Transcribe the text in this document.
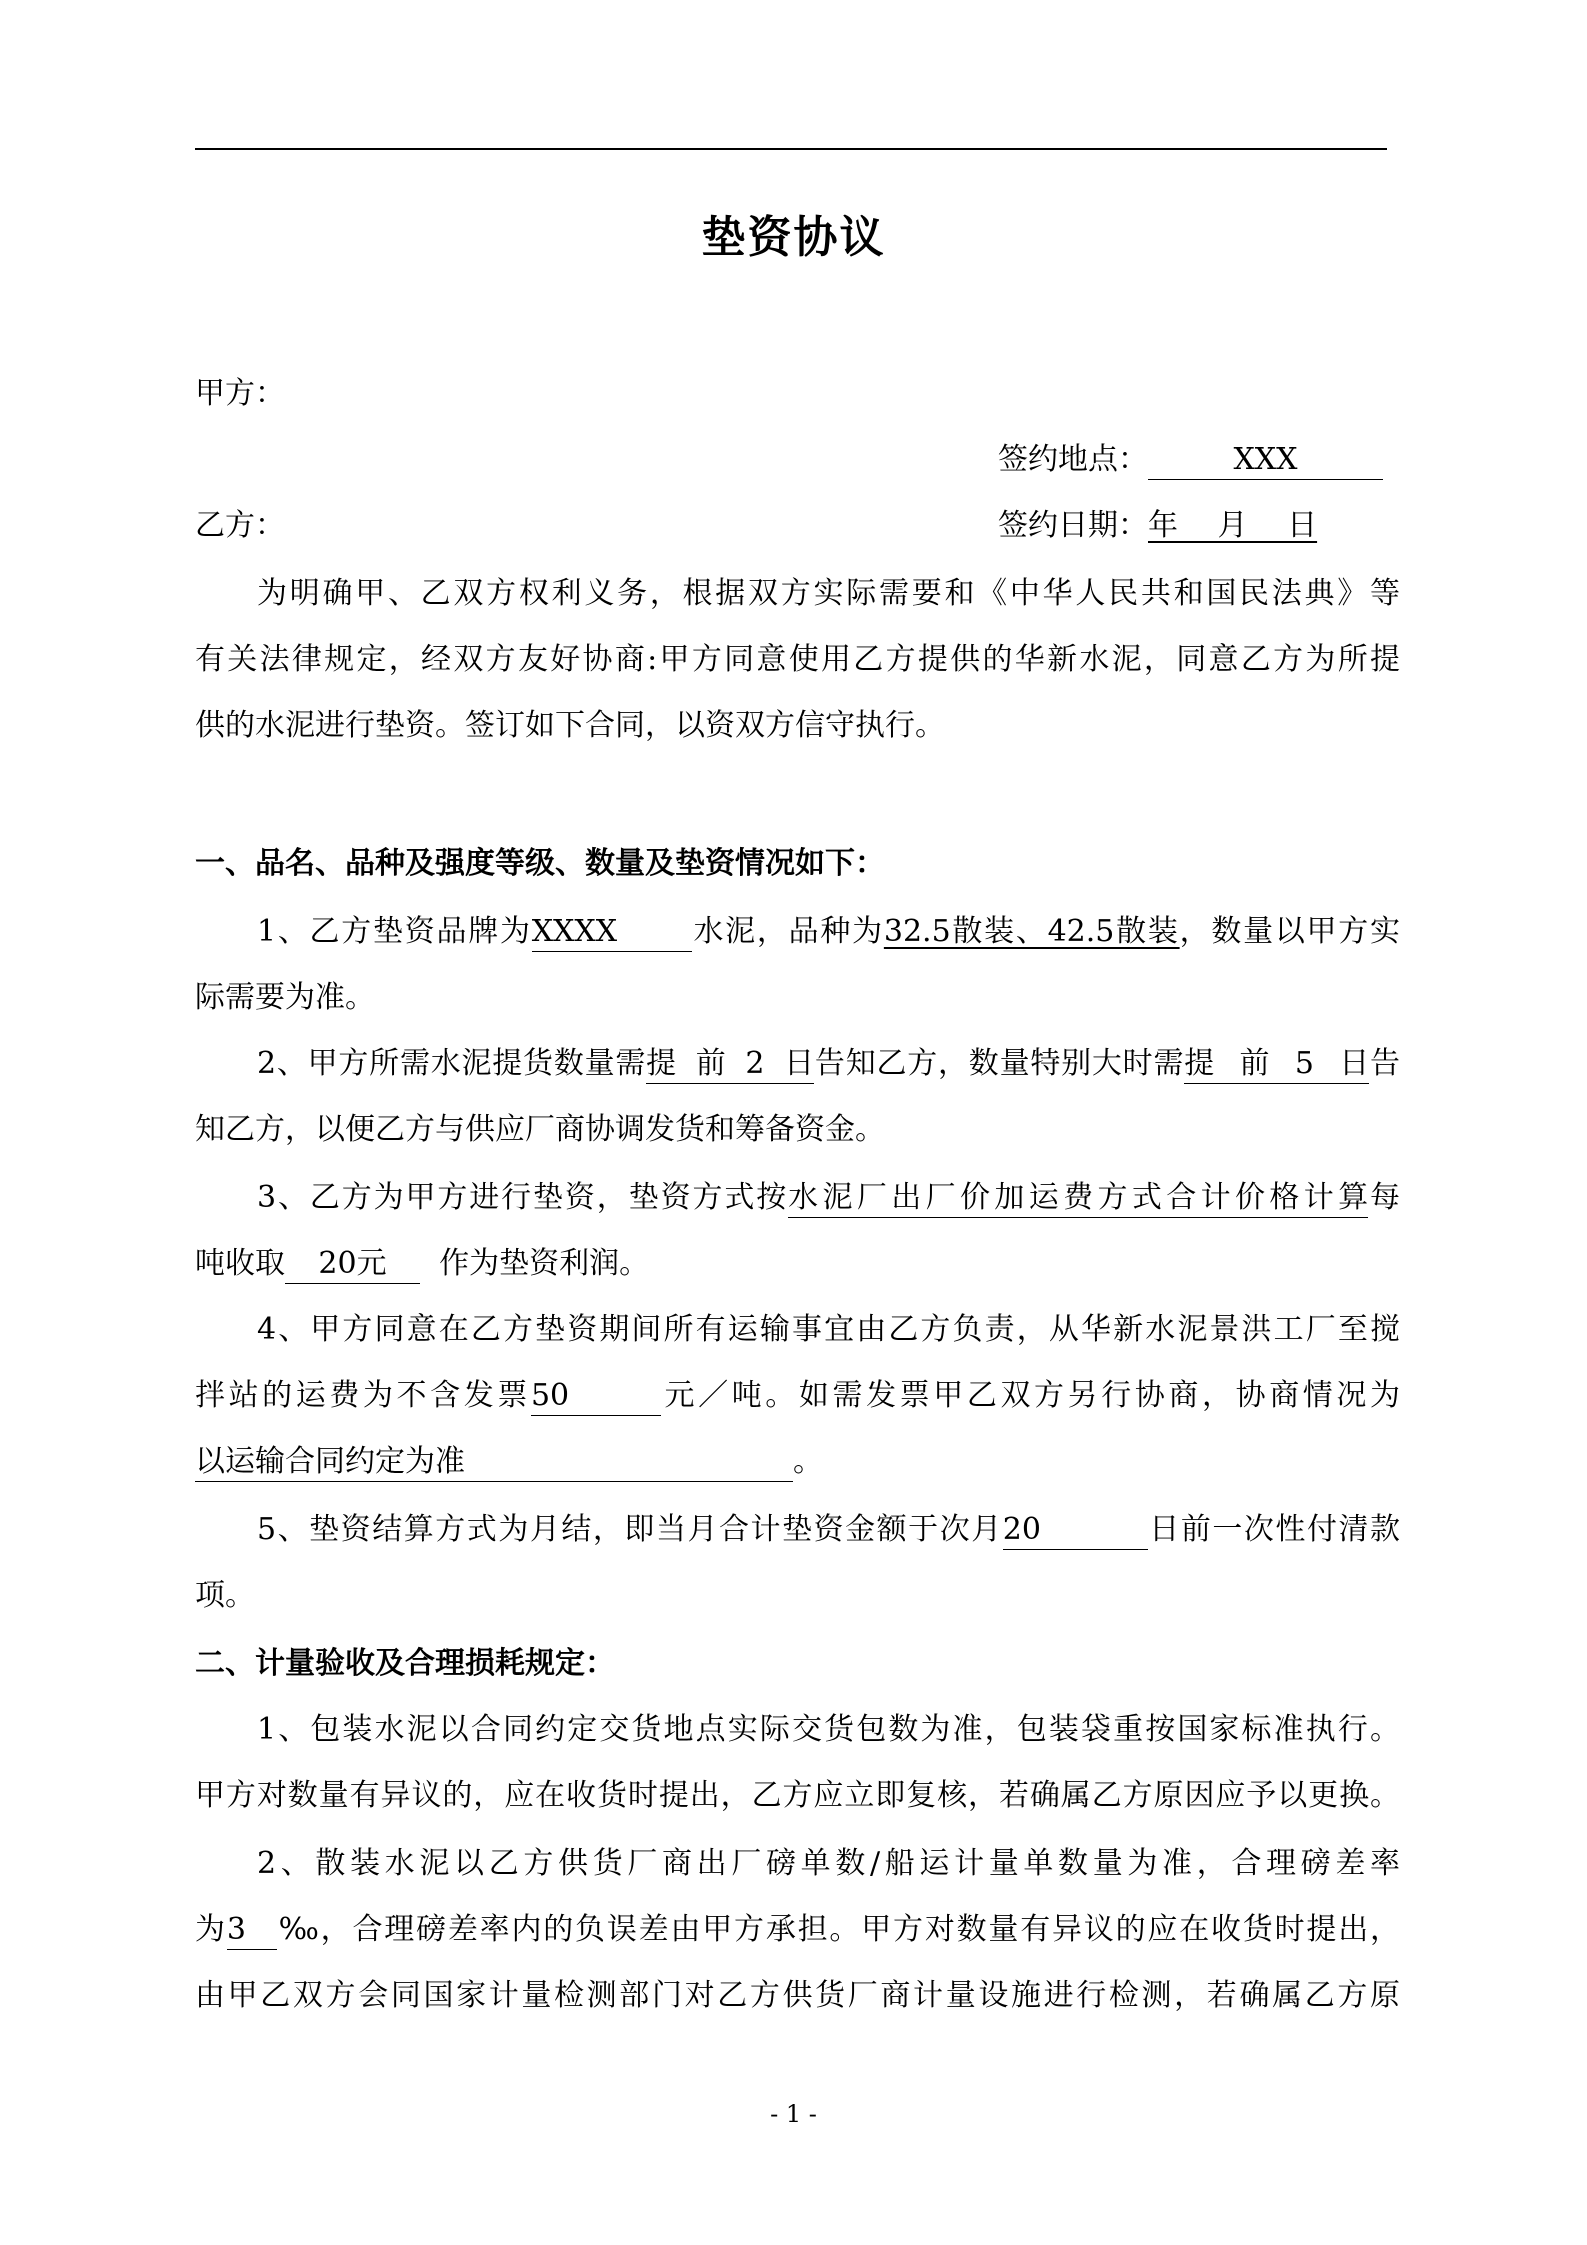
垫资协议
甲方：
签约地点：	XXX
乙方：	签约日期：年　 月　 日
为明确甲、乙双方权利义务，根据双方实际需要和《中华人民共和国民法典》等
有关法律规定，经双方友好协商:甲方同意使用乙方提供的华新水泥，同意乙方为所提
供的水泥进行垫资。签订如下合同，以资双方信守执行。
一、品名、品种及强度等级、数量及垫资情况如下：
1、乙方垫资品牌为XXXX 水泥，品种为32.5散装、42.5散装，数量以甲方实
际需要为准。
2、甲方所需水泥提货数量需提前2日告知乙方，数量特别大时需提前5日告
知乙方，以便乙方与供应厂商协调发货和筹备资金。
3、乙方为甲方进行垫资，垫资方式按水泥厂出厂价加运费方式合计价格计算每
吨收取 20元 作为垫资利润。
4、甲方同意在乙方垫资期间所有运输事宜由乙方负责，从华新水泥景洪工厂至搅
拌站的运费为不含发票50	元／吨。如需发票甲乙双方另行协商，协商情况为
以运输合同约定为准	。
5、垫资结算方式为月结，即当月合计垫资金额于次月20	日前一次性付清款
项。
二、计量验收及合理损耗规定：
1、包装水泥以合同约定交货地点实际交货包数为准，包装袋重按国家标准执行。
甲方对数量有异议的，应在收货时提出，乙方应立即复核，若确属乙方原因应予以更换。
2、散装水泥以乙方供货厂商出厂磅单数/船运计量单数量为准，合理磅差率
为3 ‰，合理磅差率内的负误差由甲方承担。甲方对数量有异议的应在收货时提出，
由甲乙双方会同国家计量检测部门对乙方供货厂商计量设施进行检测，若确属乙方原
- 1 -
